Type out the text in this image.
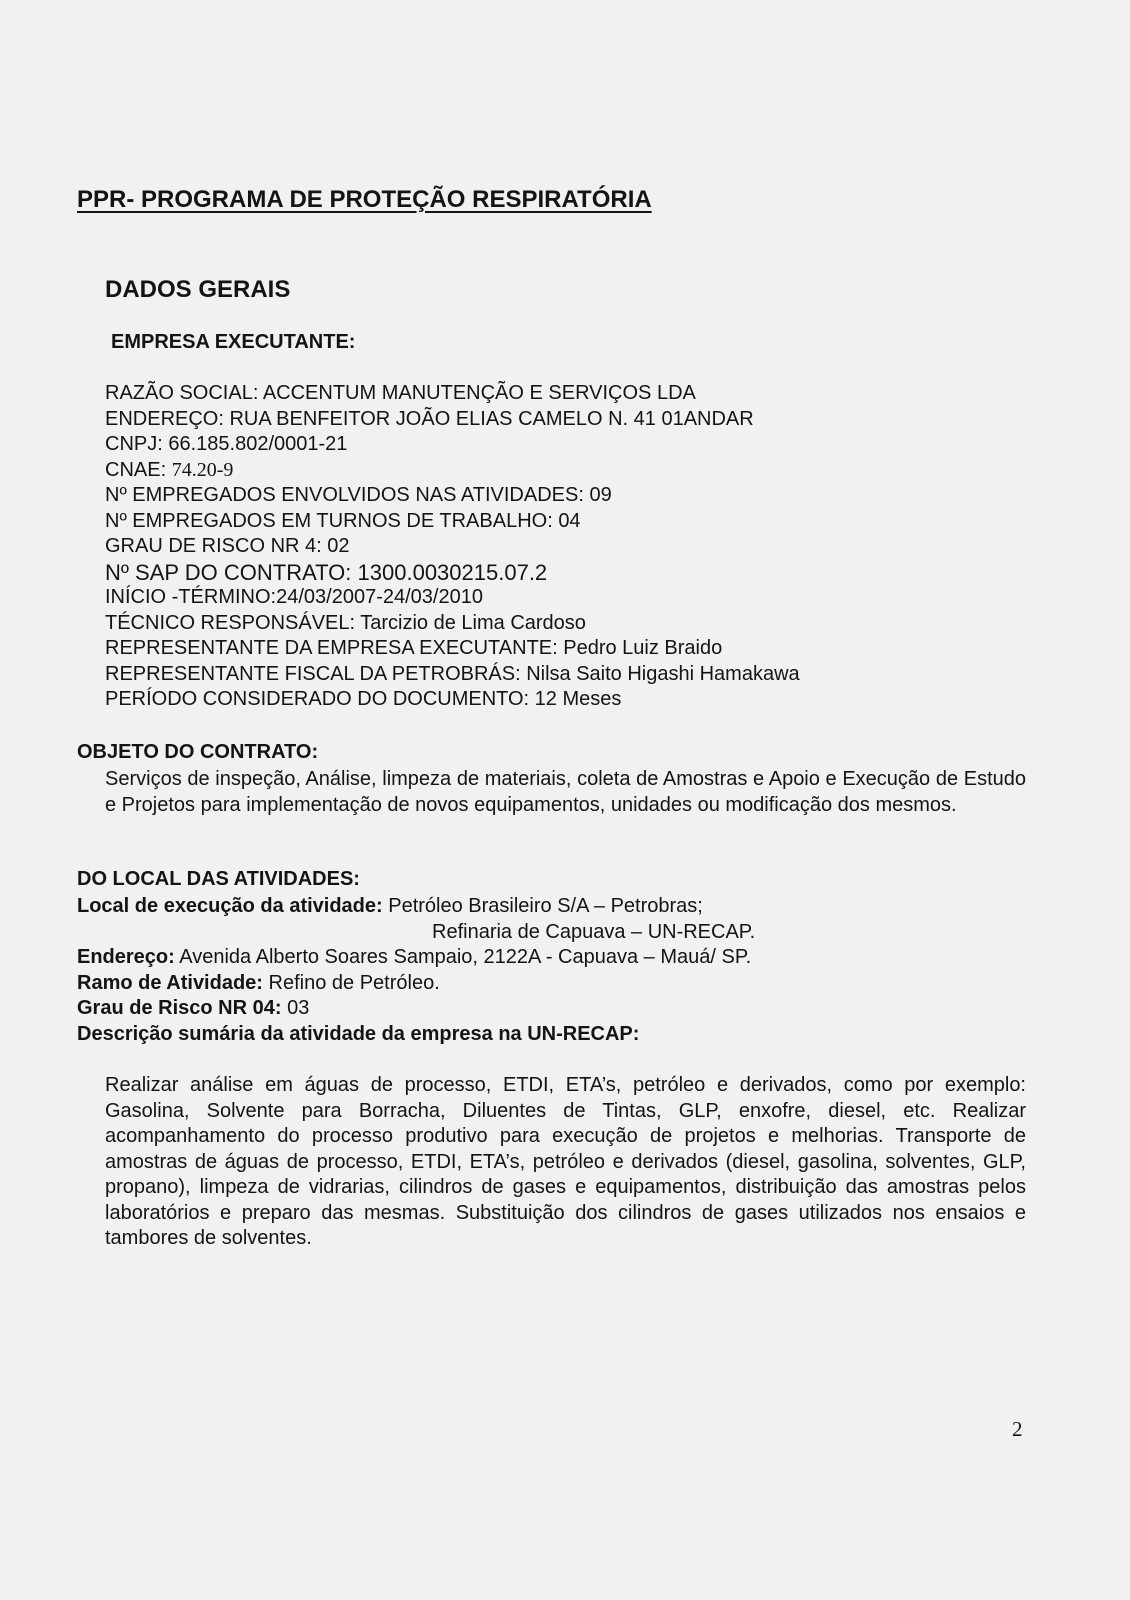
PPR- PROGRAMA DE PROTEÇÃO RESPIRATÓRIA
DADOS GERAIS
EMPRESA EXECUTANTE:
RAZÃO SOCIAL: ACCENTUM MANUTENÇÃO E SERVIÇOS LDA
ENDEREÇO: RUA BENFEITOR JOÃO ELIAS CAMELO N. 41 01ANDAR
CNPJ: 66.185.802/0001-21
CNAE: 74.20-9
Nº EMPREGADOS ENVOLVIDOS NAS ATIVIDADES: 09
Nº EMPREGADOS EM TURNOS DE TRABALHO: 04
GRAU DE RISCO NR 4: 02
Nº SAP DO CONTRATO: 1300.0030215.07.2
INÍCIO -TÉRMINO:24/03/2007-24/03/2010
TÉCNICO RESPONSÁVEL: Tarcizio de Lima Cardoso
REPRESENTANTE DA EMPRESA EXECUTANTE: Pedro Luiz Braido
REPRESENTANTE FISCAL DA PETROBRÁS: Nilsa Saito Higashi Hamakawa
PERÍODO CONSIDERADO DO DOCUMENTO: 12 Meses
OBJETO DO CONTRATO:
Serviços de inspeção, Análise, limpeza de materiais, coleta de Amostras e Apoio e Execução de Estudo e Projetos para implementação de novos equipamentos, unidades ou modificação dos mesmos.
DO LOCAL DAS ATIVIDADES:
Local de execução da atividade: Petróleo Brasileiro S/A – Petrobras;
Refinaria de Capuava – UN-RECAP.
Endereço: Avenida Alberto Soares Sampaio, 2122A - Capuava – Mauá/ SP.
Ramo de Atividade: Refino de Petróleo.
Grau de Risco NR 04: 03
Descrição sumária da atividade da empresa na UN-RECAP:
Realizar análise em águas de processo, ETDI, ETA’s, petróleo e derivados, como por exemplo: Gasolina, Solvente para Borracha, Diluentes de Tintas, GLP, enxofre, diesel, etc. Realizar acompanhamento do processo produtivo para execução de projetos e melhorias. Transporte de amostras de águas de processo, ETDI, ETA’s, petróleo e derivados (diesel, gasolina, solventes, GLP, propano), limpeza de vidrarias, cilindros de gases e equipamentos, distribuição das amostras pelos laboratórios e preparo das mesmas. Substituição dos cilindros de gases utilizados nos ensaios e tambores de solventes.
2
